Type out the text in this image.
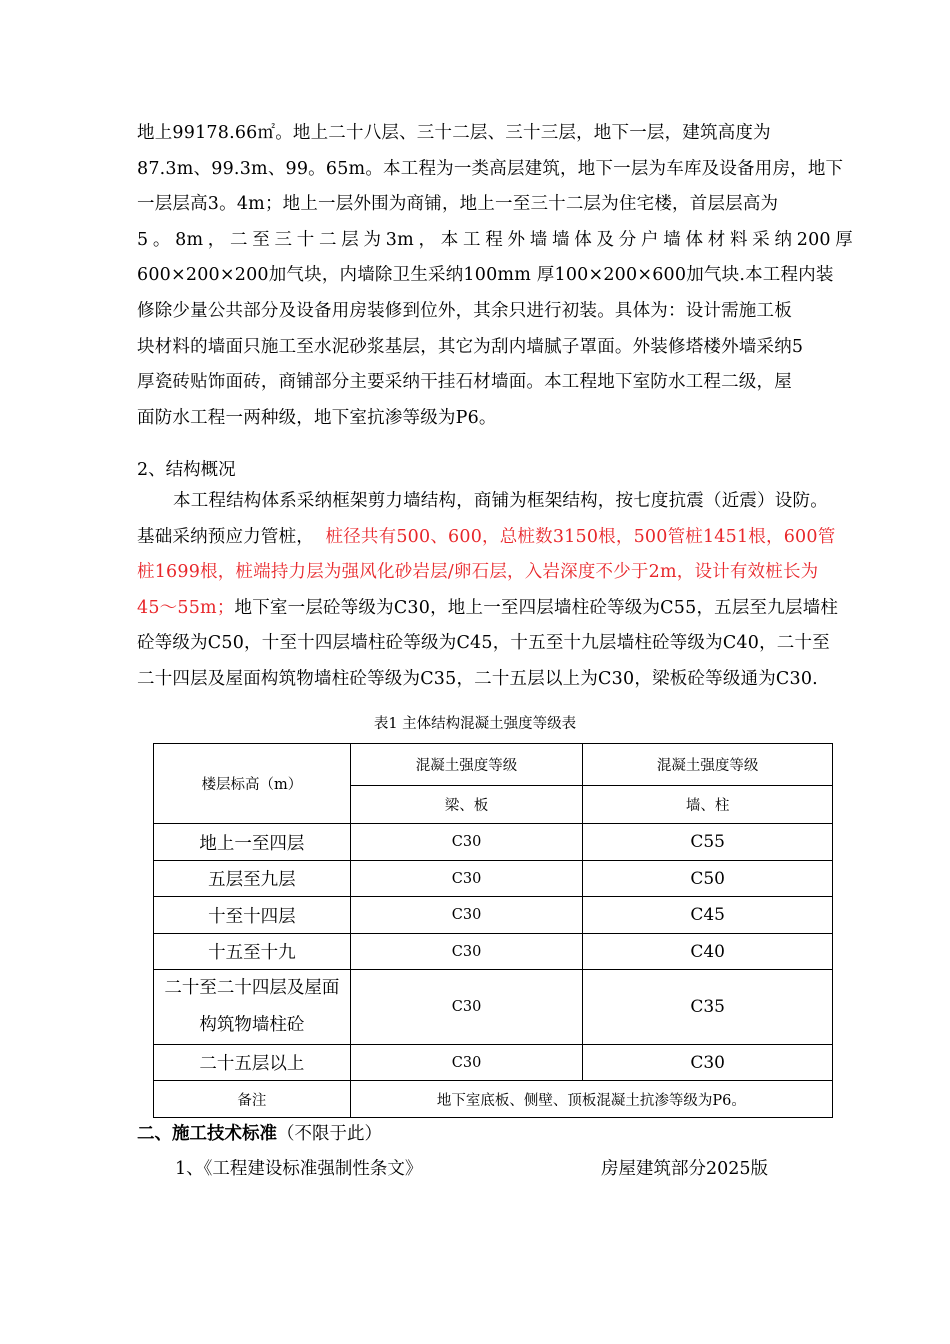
地上99178.66㎡。地上二十八层、三十二层、三十三层，地下一层，建筑高度为
87.3m、99.3m、99。65m。本工程为一类高层建筑，地下一层为车库及设备用房，地下
一层层高3。4m；地上一层外围为商铺，地上一至三十二层为住宅楼，首层层高为
5。8m，二至三十二层为3m，本工程外墙墙体及分户墙体材料采纳200厚
600×200×200加气块，内墙除卫生采纳100mm 厚100×200×600加气块.本工程内装
修除少量公共部分及设备用房装修到位外，其余只进行初装。具体为：设计需施工板
块材料的墙面只施工至水泥砂浆基层，其它为刮内墙腻子罩面。外装修塔楼外墙采纳5
厚瓷砖贴饰面砖，商铺部分主要采纳干挂石材墙面。本工程地下室防水工程二级，屋
面防水工程一两种级，地下室抗渗等级为P6。
2、结构概况
本工程结构体系采纳框架剪力墙结构，商铺为框架结构，按七度抗震（近震）设防。
基础采纳预应力管桩， 桩径共有500、600，总桩数3150根，500管桩1451根，600管
桩1699根，桩端持力层为强风化砂岩层/卵石层，入岩深度不少于2m，设计有效桩长为
45～55m；地下室一层砼等级为C30，地上一至四层墙柱砼等级为C55，五层至九层墙柱
砼等级为C50，十至十四层墙柱砼等级为C45，十五至十九层墙柱砼等级为C40，二十至
二十四层及屋面构筑物墙柱砼等级为C35，二十五层以上为C30，梁板砼等级通为C30.
表1 主体结构混凝土强度等级表
楼层标高（m）	混凝土强度等级	混凝土强度等级
	梁、板	墙、柱
地上一至四层	C30	C55
五层至九层	C30	C50
十至十四层	C30	C45
十五至十九	C30	C40
二十至二十四层及屋面构筑物墙柱砼	C30	C35
二十五层以上	C30	C30
备注	地下室底板、侧壁、顶板混凝土抗渗等级为P6。	
二、施工技术标准（不限于此）
1、《工程建设标准强制性条文》	房屋建筑部分2025版
